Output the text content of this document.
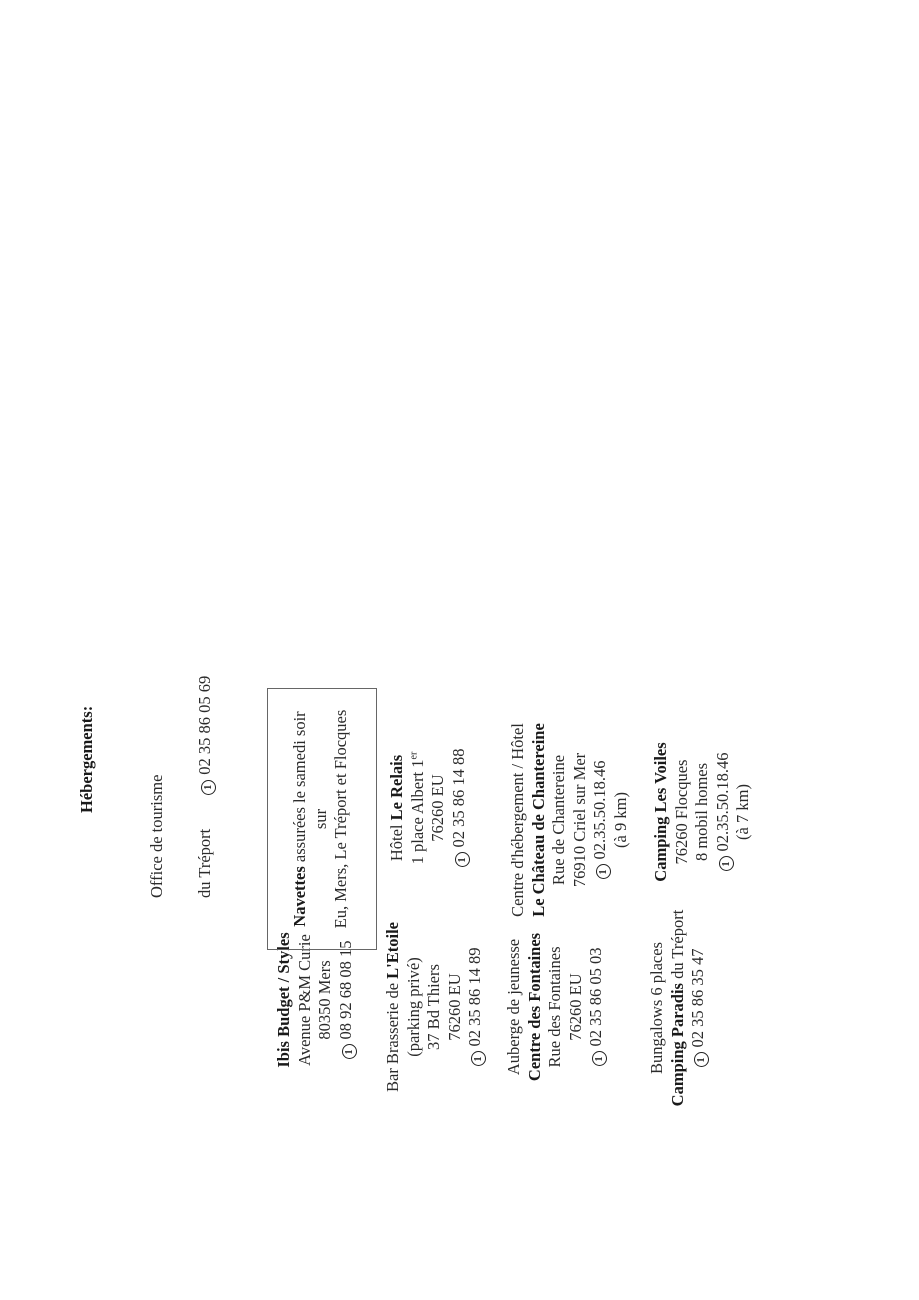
Hébergements:
Office de tourisme du Tréport102 35 86 05 69
Ibis Budget / Styles Avenue P&M Curie 80350 Mers
108 92 68 08 15 Bar Brasserie de L'Etoile
(parking privé) 37 Bd Thiers 76260 EU
102 35 86 14 89 Auberge de jeunesse Centre des Fontaines Rue des Fontaines 76260 EU
102 35 86 05 03	Bungalows 6 places Camping Paradis du Tréport
102 35 86 35 47
Navettes assurées le samedi soir sur Eu, Mers, Le Tréport et Flocques Hôtel Le Relais 1 place Albert 1er
76260 EU
102 35 86 14 88 Centre d'hébergement / Hôtel Le Château de Chantereine Rue de Chantereine 76910 Criel sur Mer 102.35.50.18.46 (à 9 km) Camping Les Voiles 76260 Flocques 8 mobil homes
102.35.50.18.46 (à 7 km)
